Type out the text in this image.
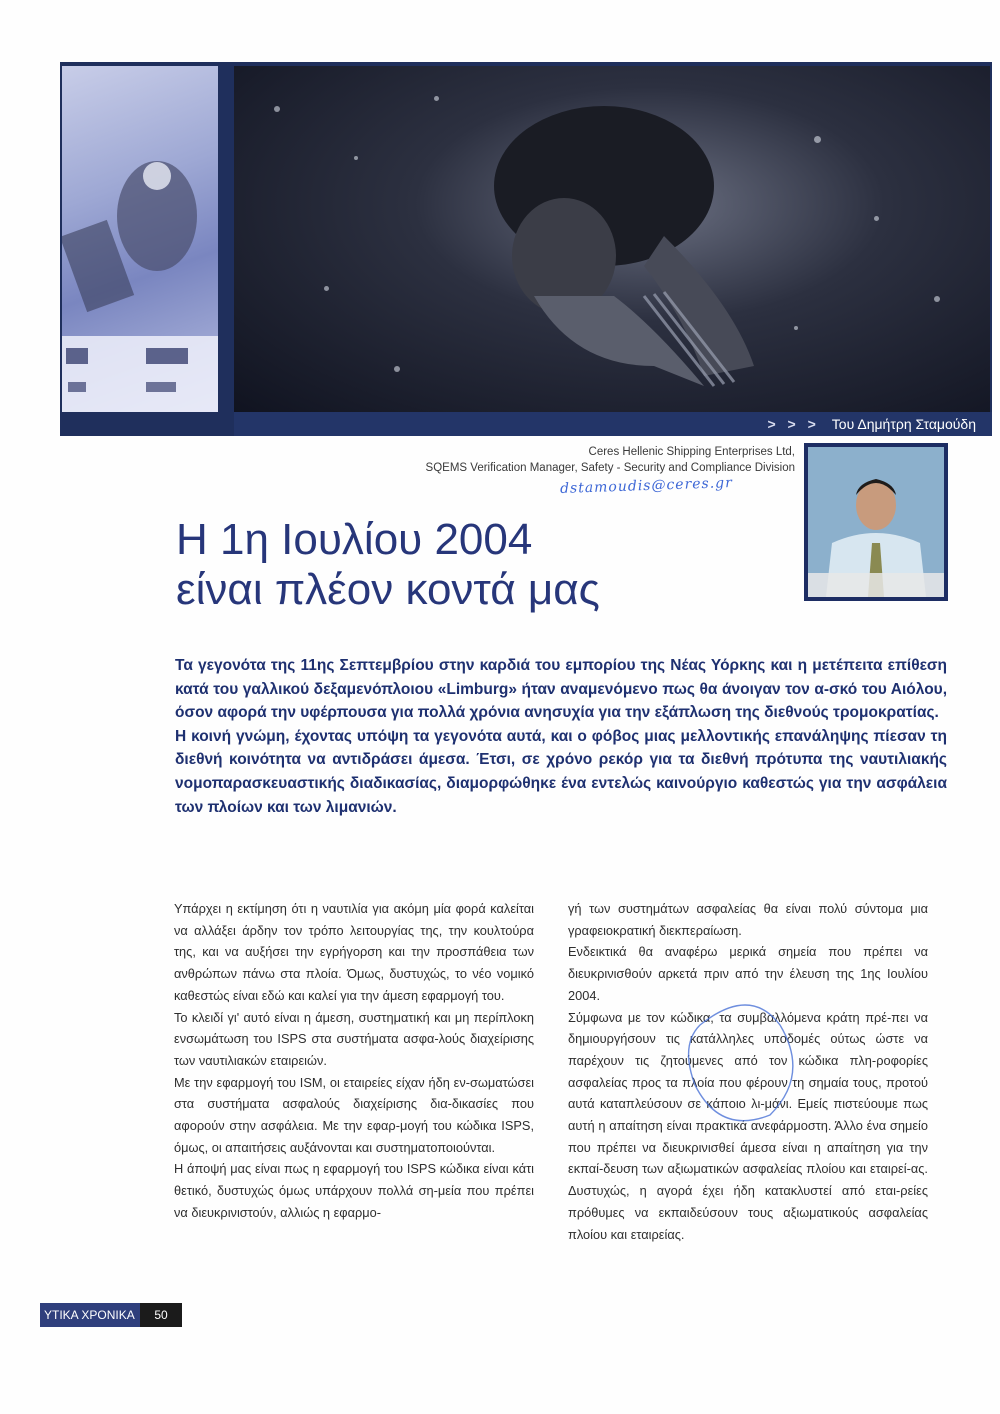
> > > Του Δημήτρη Σταμούδη
Ceres Hellenic Shipping Enterprises Ltd,
SQEMS Verification Manager, Safety - Security and Compliance Division
dstamoudis@ceres.gr
Η 1η Ιουλίου 2004
είναι πλέον κοντά μας

Τα γεγονότα της 11ης Σεπτεμβρίου στην καρδιά του εμπορίου της Νέας Υόρκης και η μετέπειτα επίθεση κατά του γαλλικού δεξαμενόπλοιου «Limburg» ήταν αναμενόμενο πως θα άνοιγαν τον α-σκό του Αιόλου, όσον αφορά την υφέρπουσα για πολλά χρόνια ανησυχία για την εξάπλωση της διεθνούς τρομοκρατίας.

Η κοινή γνώμη, έχοντας υπόψη τα γεγονότα αυτά, και ο φόβος μιας μελλοντικής επανάληψης πίεσαν τη διεθνή κοινότητα να αντιδράσει άμεσα. Έτσι, σε χρόνο ρεκόρ για τα διεθνή πρότυπα της ναυτιλιακής νομοπαρασκευαστικής διαδικασίας, διαμορφώθηκε ένα εντελώς καινούργιο καθεστώς για την ασφάλεια των πλοίων και των λιμανιών.

Υπάρχει η εκτίμηση ότι η ναυτιλία για ακόμη μία φορά καλείται να αλλάξει άρδην τον τρόπο λειτουργίας της, την κουλτούρα της, και να αυξήσει την εγρήγορση και την προσπάθεια των ανθρώπων πάνω στα πλοία. Όμως, δυστυχώς, το νέο νομικό καθεστώς είναι εδώ και καλεί για την άμεση εφαρμογή του.

Το κλειδί γι' αυτό είναι η άμεση, συστηματική και μη περίπλοκη ενσωμάτωση του ISPS στα συστήματα ασφα-λούς διαχείρισης των ναυτιλιακών εταιρειών.

Με την εφαρμογή του ISM, οι εταιρείες είχαν ήδη εν-σωματώσει στα συστήματα ασφαλούς διαχείρισης δια-δικασίες που αφορούν στην ασφάλεια. Με την εφαρ-μογή του κώδικα ISPS, όμως, οι απαιτήσεις αυξάνονται και συστηματοποιούνται.

Η άποψή μας είναι πως η εφαρμογή του ISPS κώδικα είναι κάτι θετικό, δυστυχώς όμως υπάρχουν πολλά ση-μεία που πρέπει να διευκρινιστούν, αλλιώς η εφαρμο-

γή των συστημάτων ασφαλείας θα είναι πολύ σύντομα μια γραφειοκρατική διεκπεραίωση.

Ενδεικτικά θα αναφέρω μερικά σημεία που πρέπει να διευκρινισθούν αρκετά πριν από την έλευση της 1ης Ιουλίου 2004.

Σύμφωνα με τον κώδικα, τα συμβαλλόμενα κράτη πρέ-πει να δημιουργήσουν τις κατάλληλες υποδομές ούτως ώστε να παρέχουν τις ζητούμενες από τον κώδικα πλη-ροφορίες ασφαλείας προς τα πλοία που φέρουν τη σημαία τους, προτού αυτά καταπλεύσουν σε κάποιο λι-μάνι. Εμείς πιστεύουμε πως αυτή η απαίτηση είναι πρακτικά ανεφάρμοστη. Άλλο ένα σημείο που πρέπει να διευκρινισθεί άμεσα είναι η απαίτηση για την εκπαί-δευση των αξιωματικών ασφαλείας πλοίου και εταιρεί-ας. Δυστυχώς, η αγορά έχει ήδη κατακλυστεί από εται-ρείες πρόθυμες να εκπαιδεύσουν τους αξιωματικούς ασφαλείας πλοίου και εταιρείας.

ΥΤΙΚΑ ΧΡΟΝΙΚΑ	50
